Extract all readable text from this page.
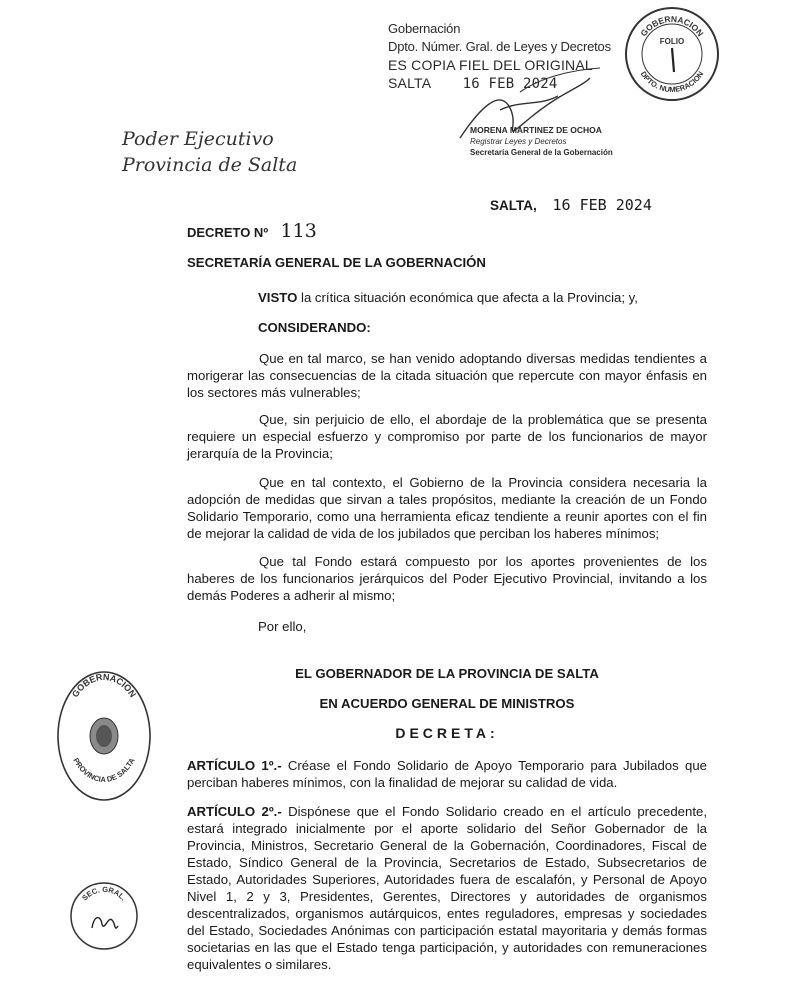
Gobernación
Dpto. Númer. Gral. de Leyes y Decretos
ES COPIA FIEL DEL ORIGINAL
SALTA 16 FEB 2024
MORENA MARTINEZ DE OCHOA
Registrar Leyes y Decretos
Secretaría General de la Gobernación
GOBERNACION
FOLIO
DPTO. NUMERACION
Poder Ejecutivo
Provincia de Salta
SALTA, 16 FEB 2024
DECRETO Nº 113
SECRETARÍA GENERAL DE LA GOBERNACIÓN
VISTO la crítica situación económica que afecta a la Provincia; y,
CONSIDERANDO:
Que en tal marco, se han venido adoptando diversas medidas tendientes a morigerar las consecuencias de la citada situación que repercute con mayor énfasis en los sectores más vulnerables;
Que, sin perjuicio de ello, el abordaje de la problemática que se presenta requiere un especial esfuerzo y compromiso por parte de los funcionarios de mayor jerarquía de la Provincia;
Que en tal contexto, el Gobierno de la Provincia considera necesaria la adopción de medidas que sirvan a tales propósitos, mediante la creación de un Fondo Solidario Temporario, como una herramienta eficaz tendiente a reunir aportes con el fin de mejorar la calidad de vida de los jubilados que perciban los haberes mínimos;
Que tal Fondo estará compuesto por los aportes provenientes de los haberes de los funcionarios jerárquicos del Poder Ejecutivo Provincial, invitando a los demás Poderes a adherir al mismo;
Por ello,
EL GOBERNADOR DE LA PROVINCIA DE SALTA
EN ACUERDO GENERAL DE MINISTROS
DECRETA:
ARTÍCULO 1º.- Créase el Fondo Solidario de Apoyo Temporario para Jubilados que perciban haberes mínimos, con la finalidad de mejorar su calidad de vida.
ARTÍCULO 2º.- Dispónese que el Fondo Solidario creado en el artículo precedente, estará integrado inicialmente por el aporte solidario del Señor Gobernador de la Provincia, Ministros, Secretario General de la Gobernación, Coordinadores, Fiscal de Estado, Síndico General de la Provincia, Secretarios de Estado, Subsecretarios de Estado, Autoridades Superiores, Autoridades fuera de escalafón, y Personal de Apoyo Nivel 1, 2 y 3, Presidentes, Gerentes, Directores y autoridades de organismos descentralizados, organismos autárquicos, entes reguladores, empresas y sociedades del Estado, Sociedades Anónimas con participación estatal mayoritaria y demás formas societarias en las que el Estado tenga participación, y autoridades con remuneraciones equivalentes o similares.
GOBERNACION
PROVINCIA DE SALTA
SEC. GRAL.
